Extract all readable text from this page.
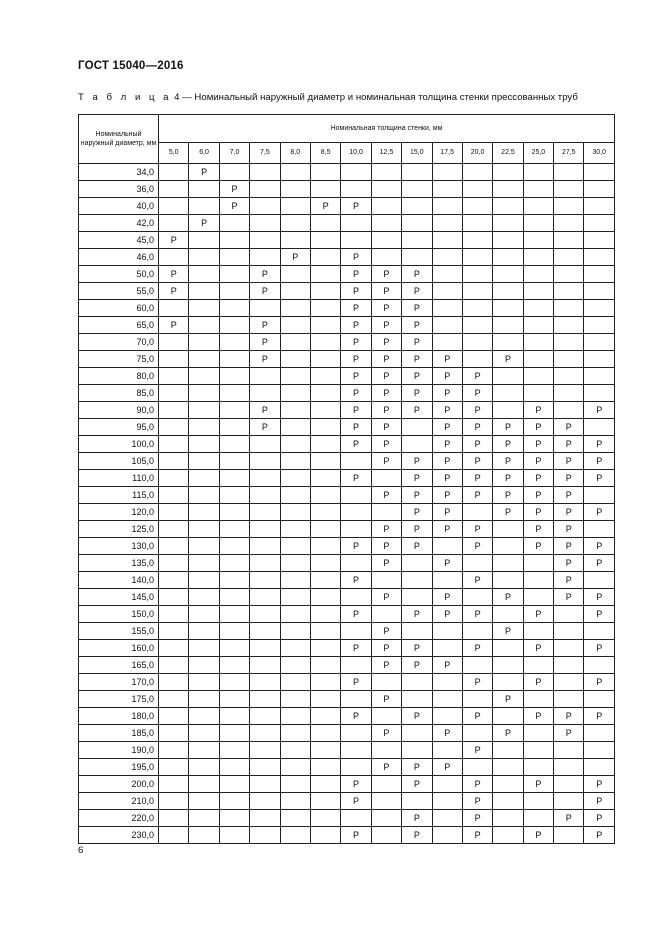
ГОСТ 15040—2016
Т а б л и ц а 4 — Номинальный наружный диаметр и номинальная толщина стенки прессованных труб
Номинальный наружный диаметр, мм	Номинальная толщина стенки, мм														
	5,0	6,0	7,0	7,5	8,0	8,5	10,0	12,5	15,0	17,5	20,0	22,5	25,0	27,5	30,0
34,0		Р													
36,0			Р												
40,0			Р			Р	Р								
42,0		Р													
45,0	Р														
46,0					Р		Р								
50,0	Р			Р			Р	Р	Р						
55,0	Р			Р			Р	Р	Р						
60,0							Р	Р	Р						
65,0	Р			Р			Р	Р	Р						
70,0				Р			Р	Р	Р						
75,0				Р			Р	Р	Р	Р		Р			
80,0							Р	Р	Р	Р	Р				
85,0							Р	Р	Р	Р	Р				
90,0				Р			Р	Р	Р	Р	Р		Р		Р
95,0				Р			Р	Р		Р	Р	Р	Р	Р	
100,0							Р	Р		Р	Р	Р	Р	Р	Р
105,0								Р	Р	Р	Р	Р	Р	Р	Р
110,0							Р		Р	Р	Р	Р	Р	Р	Р
115,0								Р	Р	Р	Р	Р	Р	Р	
120,0									Р	Р		Р	Р	Р	Р
125,0								Р	Р	Р	Р		Р	Р	
130,0							Р	Р	Р		Р		Р	Р	Р
135,0								Р		Р				Р	Р
140,0							Р				Р			Р	
145,0								Р		Р		Р		Р	Р
150,0							Р		Р	Р	Р		Р		Р
155,0								Р				Р			
160,0							Р	Р	Р		Р		Р		Р
165,0								Р	Р	Р					
170,0							Р				Р		Р		Р
175,0								Р				Р			
180,0							Р		Р		Р		Р	Р	Р
185,0								Р		Р		Р		Р	
190,0											Р				
195,0								Р	Р	Р					
200,0							Р		Р		Р		Р		Р
210,0							Р				Р				Р
220,0									Р		Р			Р	Р
230,0							Р		Р		Р		Р		Р
6
